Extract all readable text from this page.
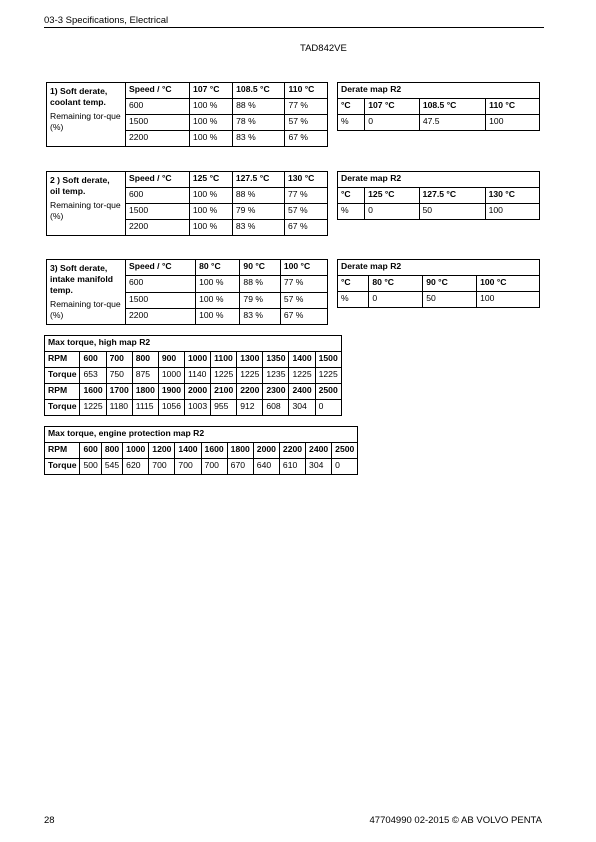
03-3 Specifications, Electrical
TAD842VE
1) Soft derate, coolant temp.
Remaining tor-que (%)	Speed / °C	107 °C	108.5 °C	110 °C
	600	100 %	88 %	77 %
	1500	100 %	78 %	57 %
	2200	100 %	83 %	67 %
Derate map R2			
°C	107 °C	108.5 °C	110 °C
%	0	47.5	100
2 ) Soft derate, oil temp.
Remaining tor-que (%)	Speed / °C	125 °C	127.5 °C	130 °C
	600	100 %	88 %	77 %
	1500	100 %	79 %	57 %
	2200	100 %	83 %	67 %
Derate map R2			
°C	125 °C	127.5 °C	130 °C
%	0	50	100
3) Soft derate, intake manifold temp.
Remaining tor-que (%)	Speed / °C	80 °C	90 °C	100 °C
	600	100 %	88 %	77 %
	1500	100 %	79 %	57 %
	2200	100 %	83 %	67 %
Derate map R2			
°C	80 °C	90 °C	100 °C
%	0	50	100
Max torque, high map R2										
RPM	600	700	800	900	1000	1100	1300	1350	1400	1500
Torque	653	750	875	1000	1140	1225	1225	1235	1225	1225
RPM	1600	1700	1800	1900	2000	2100	2200	2300	2400	2500
Torque	1225	1180	1115	1056	1003	955	912	608	304	0
Max torque, engine protection map R2											
RPM	600	800	1000	1200	1400	1600	1800	2000	2200	2400	2500
Torque	500	545	620	700	700	700	670	640	610	304	0
28	47704990 02-2015 © AB VOLVO PENTA
